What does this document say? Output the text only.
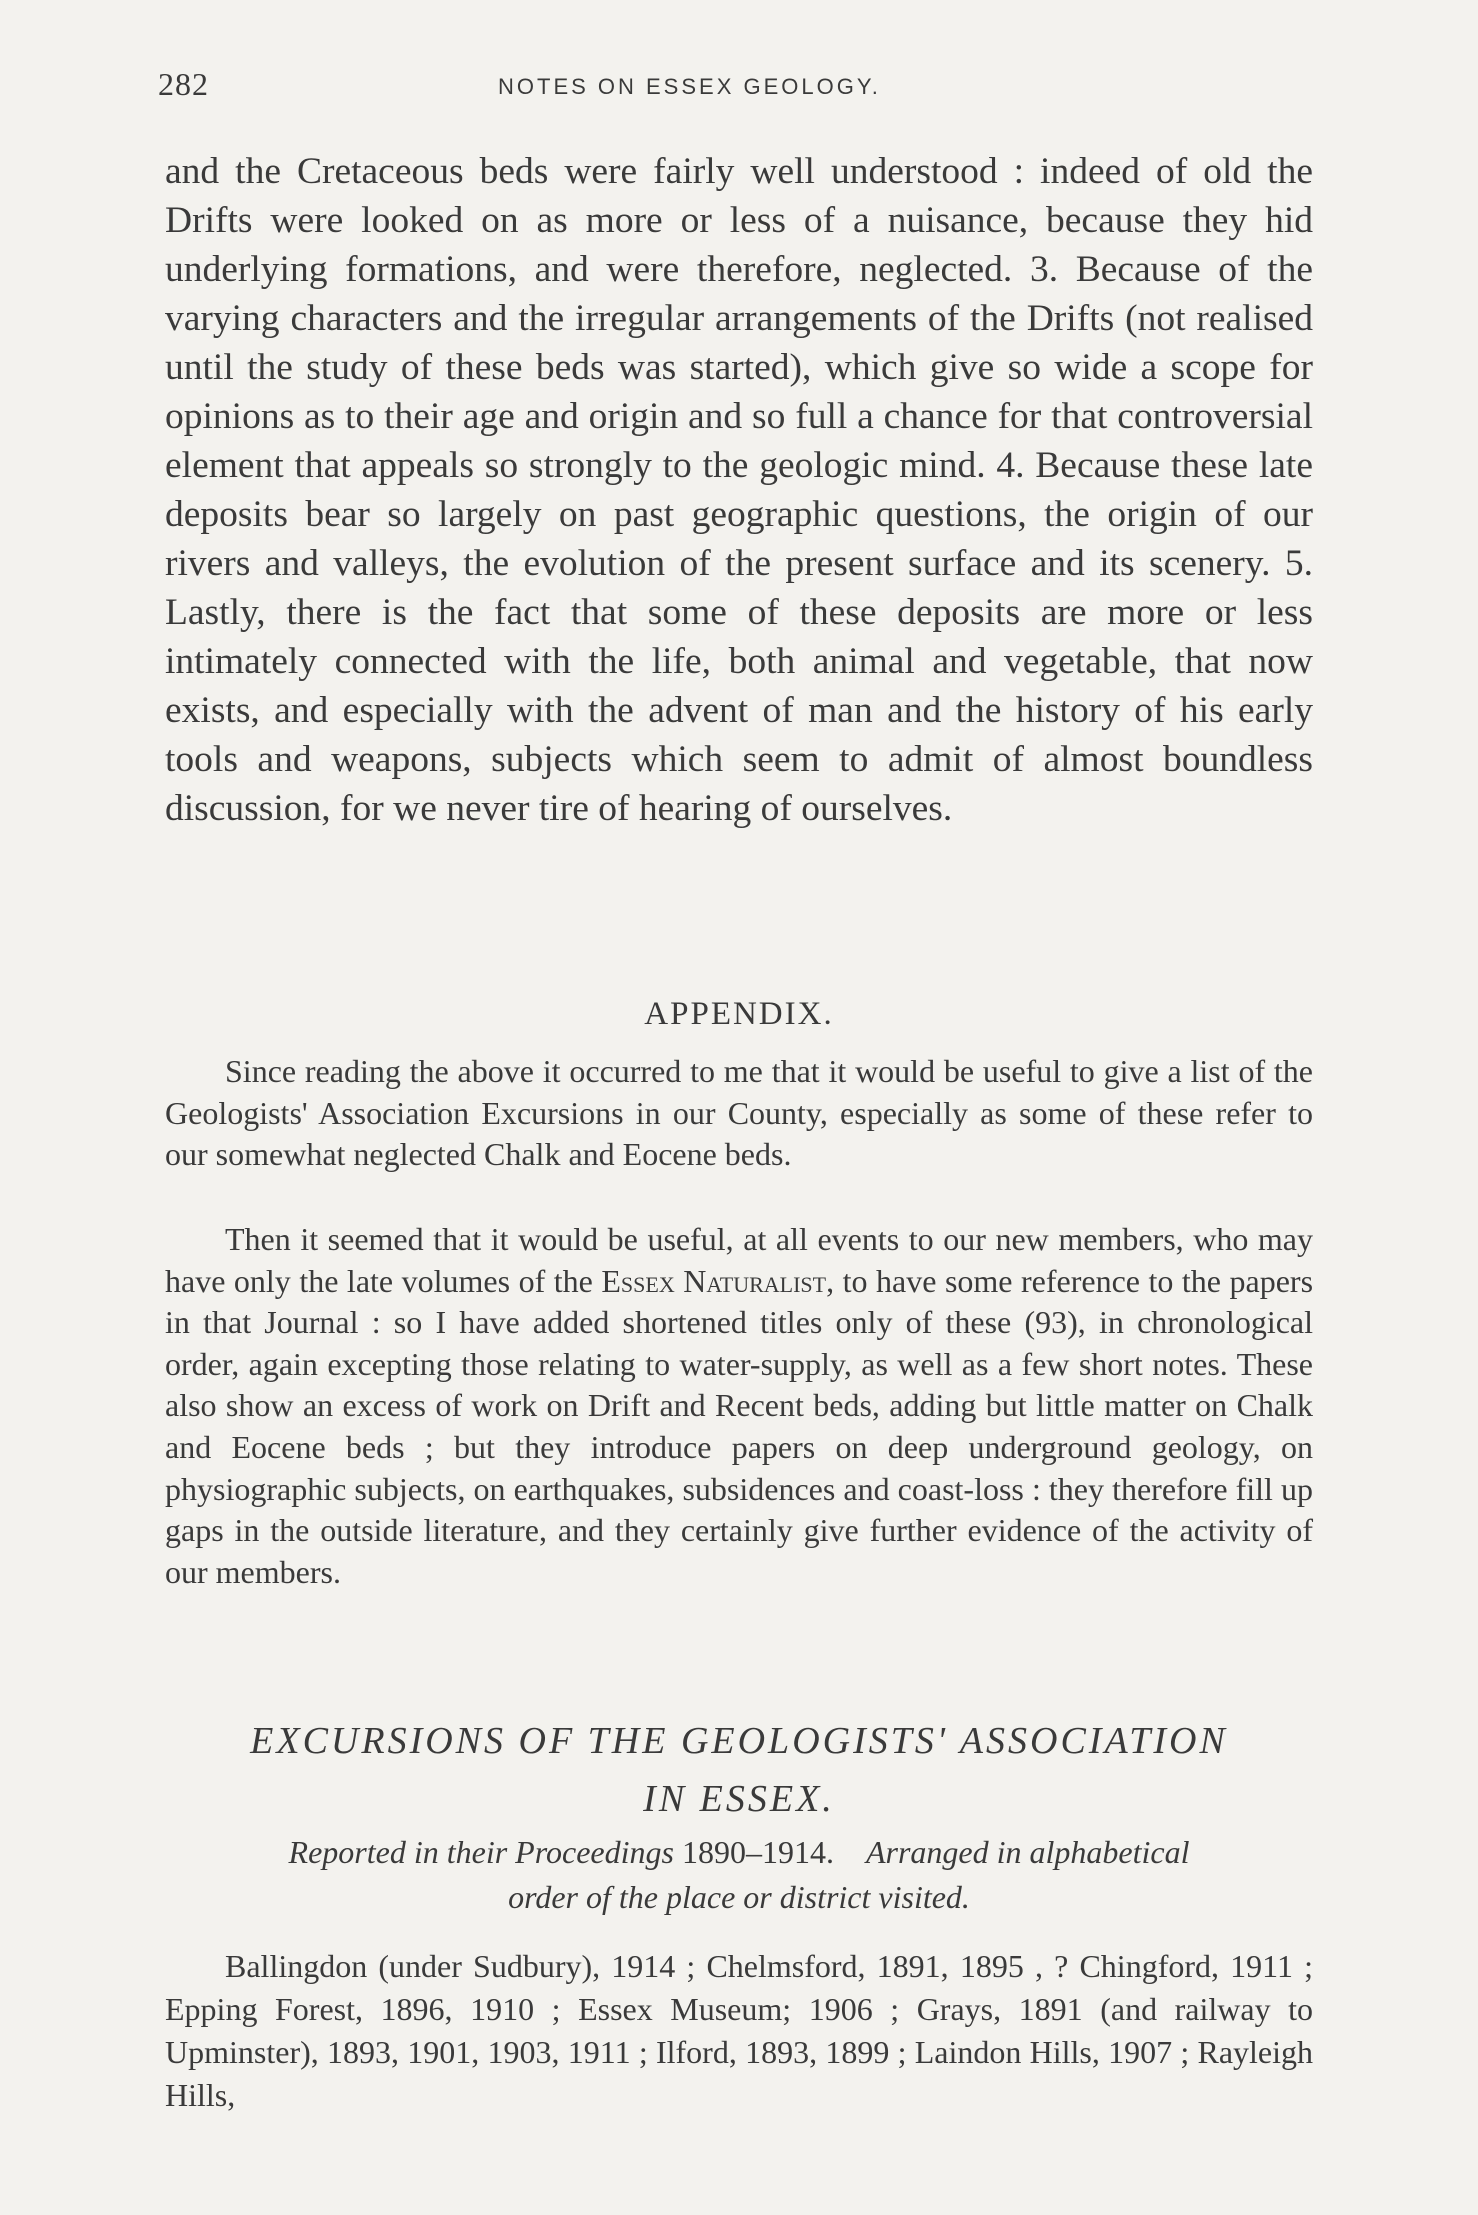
282	NOTES ON ESSEX GEOLOGY.

and the Cretaceous beds were fairly well understood : indeed of old the Drifts were looked on as more or less of a nuisance, because they hid underlying formations, and were therefore, neglected. 3. Because of the varying characters and the irregular arrangements of the Drifts (not realised until the study of these beds was started), which give so wide a scope for opinions as to their age and origin and so full a chance for that controversial element that appeals so strongly to the geologic mind. 4. Because these late deposits bear so largely on past geographic questions, the origin of our rivers and valleys, the evolution of the present surface and its scenery. 5. Lastly, there is the fact that some of these deposits are more or less intimately connected with the life, both animal and vegetable, that now exists, and especially with the advent of man and the history of his early tools and weapons, subjects which seem to admit of almost boundless discussion, for we never tire of hearing of ourselves.

APPENDIX.

Since reading the above it occurred to me that it would be useful to give a list of the Geologists' Association Excursions in our County, especially as some of these refer to our somewhat neglected Chalk and Eocene beds.

Then it seemed that it would be useful, at all events to our new members, who may have only the late volumes of the Essex Naturalist, to have some reference to the papers in that Journal : so I have added shortened titles only of these (93), in chronological order, again excepting those relating to water-supply, as well as a few short notes. These also show an excess of work on Drift and Recent beds, adding but little matter on Chalk and Eocene beds ; but they introduce papers on deep underground geology, on physiographic subjects, on earthquakes, subsidences and coast-loss : they therefore fill up gaps in the outside literature, and they certainly give further evidence of the activity of our members.

EXCURSIONS OF THE GEOLOGISTS' ASSOCIATION
IN ESSEX.
Reported in their Proceedings 1890–1914. Arranged in alphabetical
order of the place or district visited.

Ballingdon (under Sudbury), 1914 ; Chelmsford, 1891, 1895 , ? Chingford, 1911 ; Epping Forest, 1896, 1910 ; Essex Museum; 1906 ; Grays, 1891 (and railway to Upminster), 1893, 1901, 1903, 1911 ; Ilford, 1893, 1899 ; Laindon Hills, 1907 ; Rayleigh Hills,
